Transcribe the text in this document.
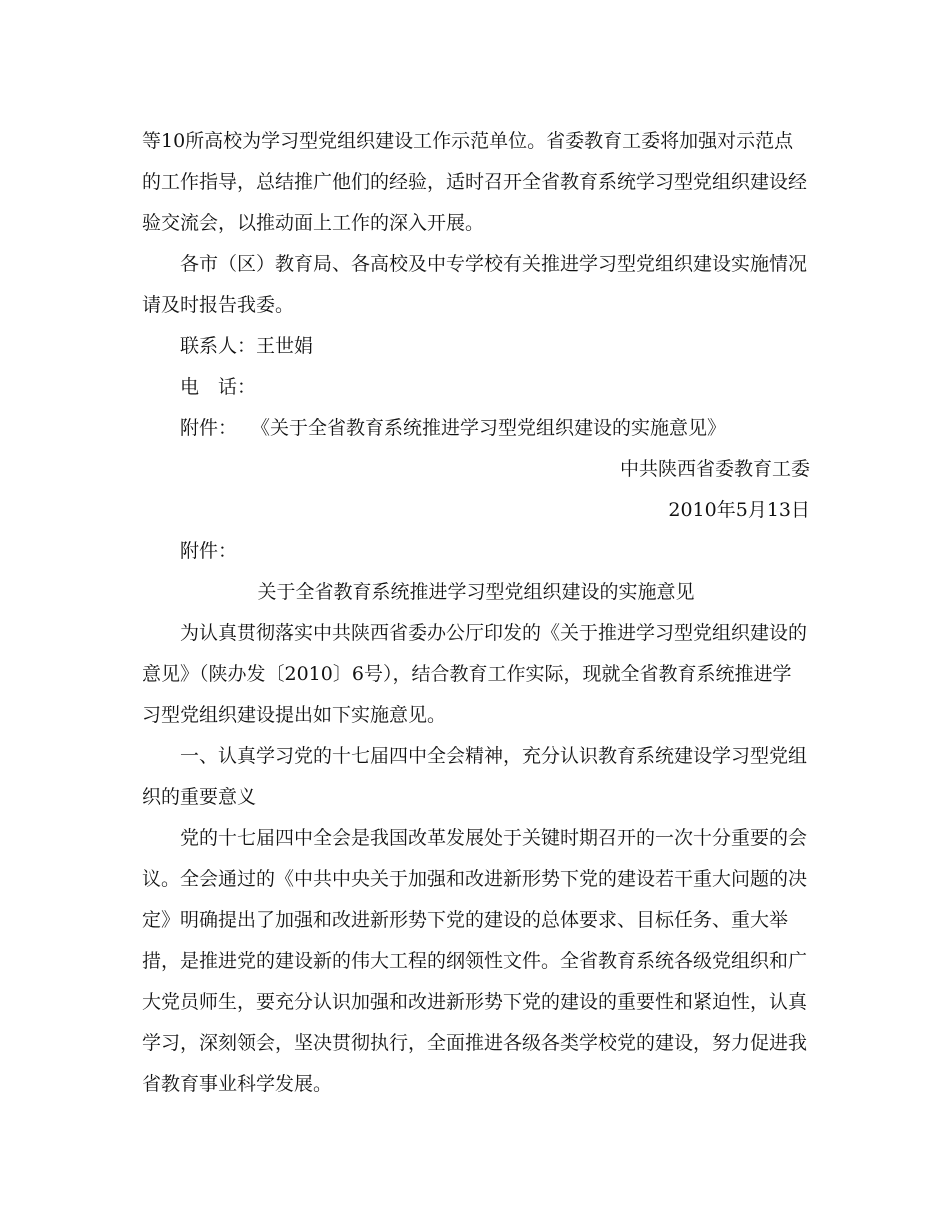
等10所高校为学习型党组织建设工作示范单位。省委教育工委将加强对示范点的工作指导，总结推广他们的经验，适时召开全省教育系统学习型党组织建设经验交流会，以推动面上工作的深入开展。

各市（区）教育局、各高校及中专学校有关推进学习型党组织建设实施情况请及时报告我委。

联系人：王世娟

电　话：

附件： 《关于全省教育系统推进学习型党组织建设的实施意见》

中共陕西省委教育工委

2010年5月13日

附件：

关于全省教育系统推进学习型党组织建设的实施意见

为认真贯彻落实中共陕西省委办公厅印发的《关于推进学习型党组织建设的意见》（陕办发〔2010〕6号），结合教育工作实际，现就全省教育系统推进学习型党组织建设提出如下实施意见。

一、认真学习党的十七届四中全会精神，充分认识教育系统建设学习型党组织的重要意义

党的十七届四中全会是我国改革发展处于关键时期召开的一次十分重要的会议。全会通过的《中共中央关于加强和改进新形势下党的建设若干重大问题的决定》明确提出了加强和改进新形势下党的建设的总体要求、目标任务、重大举措，是推进党的建设新的伟大工程的纲领性文件。全省教育系统各级党组织和广大党员师生，要充分认识加强和改进新形势下党的建设的重要性和紧迫性，认真学习，深刻领会，坚决贯彻执行，全面推进各级各类学校党的建设，努力促进我省教育事业科学发展。
